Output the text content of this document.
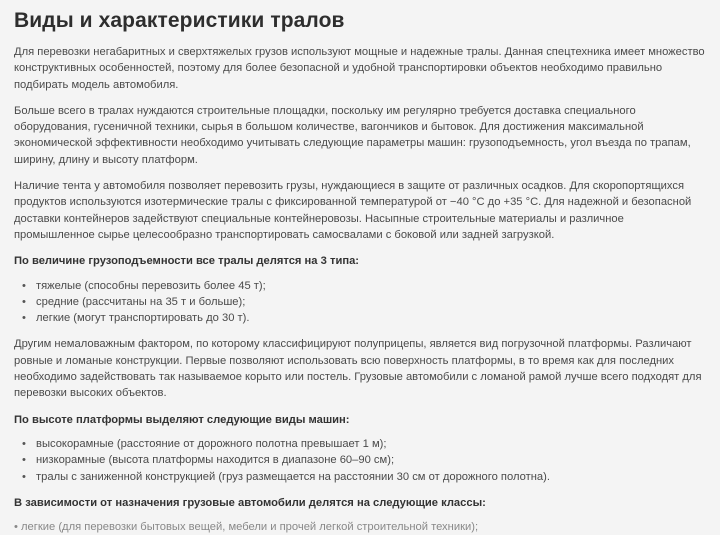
Виды и характеристики тралов

Для перевозки негабаритных и сверхтяжелых грузов используют мощные и надежные тралы. Данная спецтехника имеет множество конструктивных особенностей, поэтому для более безопасной и удобной транспортировки объектов необходимо правильно подбирать модель автомобиля.

Больше всего в тралах нуждаются строительные площадки, поскольку им регулярно требуется доставка специального оборудования, гусеничной техники, сырья в большом количестве, вагончиков и бытовок. Для достижения максимальной экономической эффективности необходимо учитывать следующие параметры машин: грузоподъемность, угол въезда по трапам, ширину, длину и высоту платформ.

Наличие тента у автомобиля позволяет перевозить грузы, нуждающиеся в защите от различных осадков. Для скоропортящихся продуктов используются изотермические тралы с фиксированной температурой от −40 °C до +35 °C. Для надежной и безопасной доставки контейнеров задействуют специальные контейнеровозы. Насыпные строительные материалы и различное промышленное сырье целесообразно транспортировать самосвалами с боковой или задней загрузкой.

По величине грузоподъемности все тралы делятся на 3 типа:

• тяжелые (способны перевозить более 45 т);
• средние (рассчитаны на 35 т и больше);
• легкие (могут транспортировать до 30 т).

Другим немаловажным фактором, по которому классифицируют полуприцепы, является вид погрузочной платформы. Различают ровные и ломаные конструкции. Первые позволяют использовать всю поверхность платформы, в то время как для последних необходимо задействовать так называемое корыто или постель. Грузовые автомобили с ломаной рамой лучше всего подходят для перевозки высоких объектов.

По высоте платформы выделяют следующие виды машин:

• высокорамные (расстояние от дорожного полотна превышает 1 м);
• низкорамные (высота платформы находится в диапазоне 60–90 см);
• тралы с заниженной конструкцией (груз размещается на расстоянии 30 см от дорожного полотна).

В зависимости от назначения грузовые автомобили делятся на следующие классы:

• легкие (для перевозки бытовых вещей, мебели и прочей легкой строительной техники);
